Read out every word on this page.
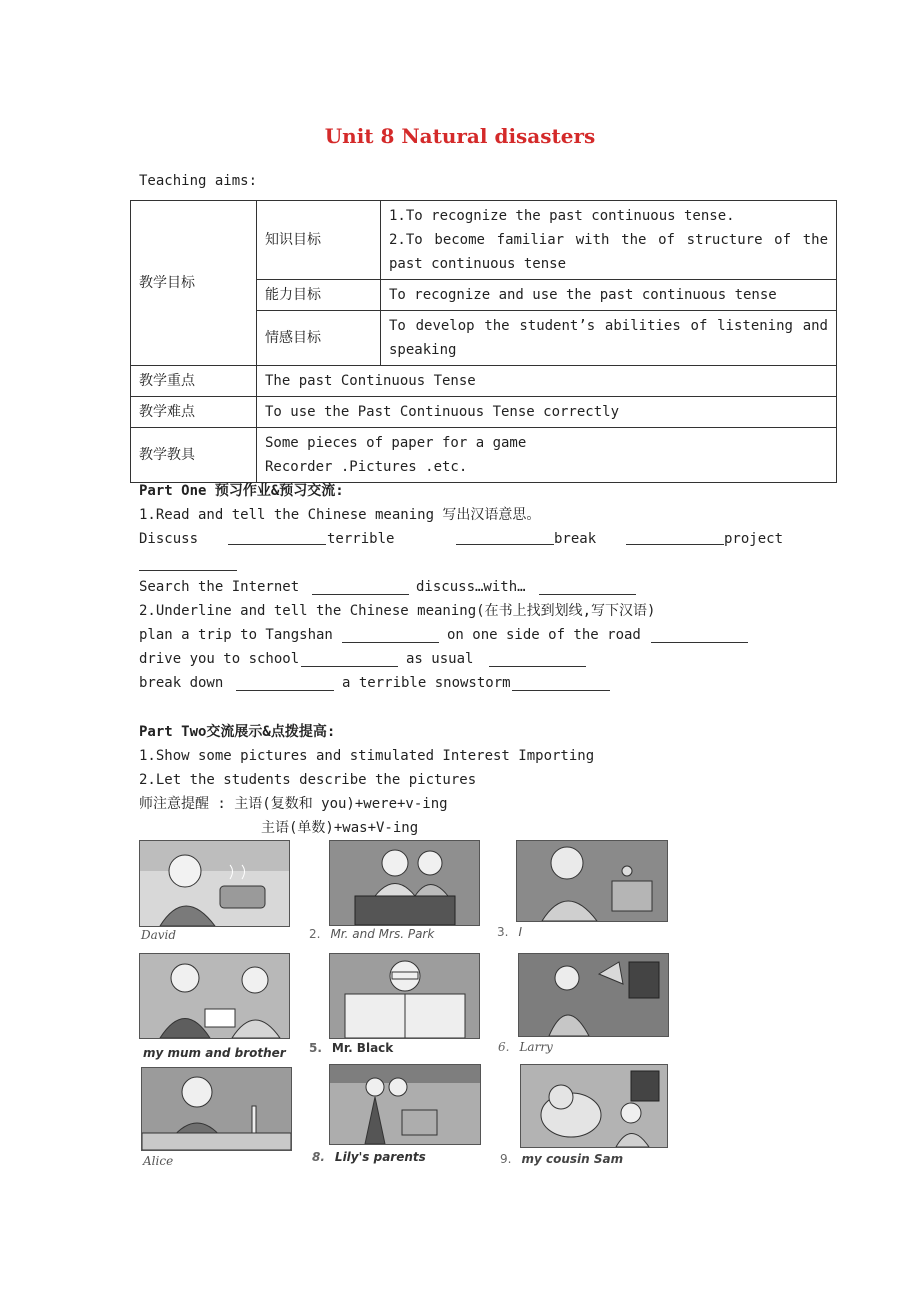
Unit 8 Natural disasters
Teaching aims:
教学目标	知识目标	1.To recognize the past continuous tense.
2.To become familiar with the of structure of the past continuous tense

	能力目标	To recognize and use the past continuous tense
	情感目标	To develop the student’s abilities of listening and speaking
教学重点	The past Continuous Tense	
教学难点	To use the Past Continuous Tense correctly	
教学教具	Some pieces of paper for a game
Recorder .Pictures .etc.	
Part One 预习作业&预习交流:
1.Read and tell the Chinese meaning 写出汉语意思。
Discuss	terrible	break	project
Search the Internet	discuss…with…
2.Underline and tell the Chinese meaning(在书上找到划线,写下汉语)
plan a trip to Tangshan	on one side of the road
drive you to school	as usual
break down	a terrible snowstorm
Part Two交流展示&点拨提高:
1.Show some pictures and stimulated Interest Importing
2.Let the students describe the pictures
师注意提醒 : 主语(复数和 you)+were+v-ing
主语(单数)+was+V-ing
David	2. Mr. and Mrs. Park	3. I
my mum and brother 5. Mr. Black	6. Larry
Alice	8. Lily's parents	9. my cousin Sam
